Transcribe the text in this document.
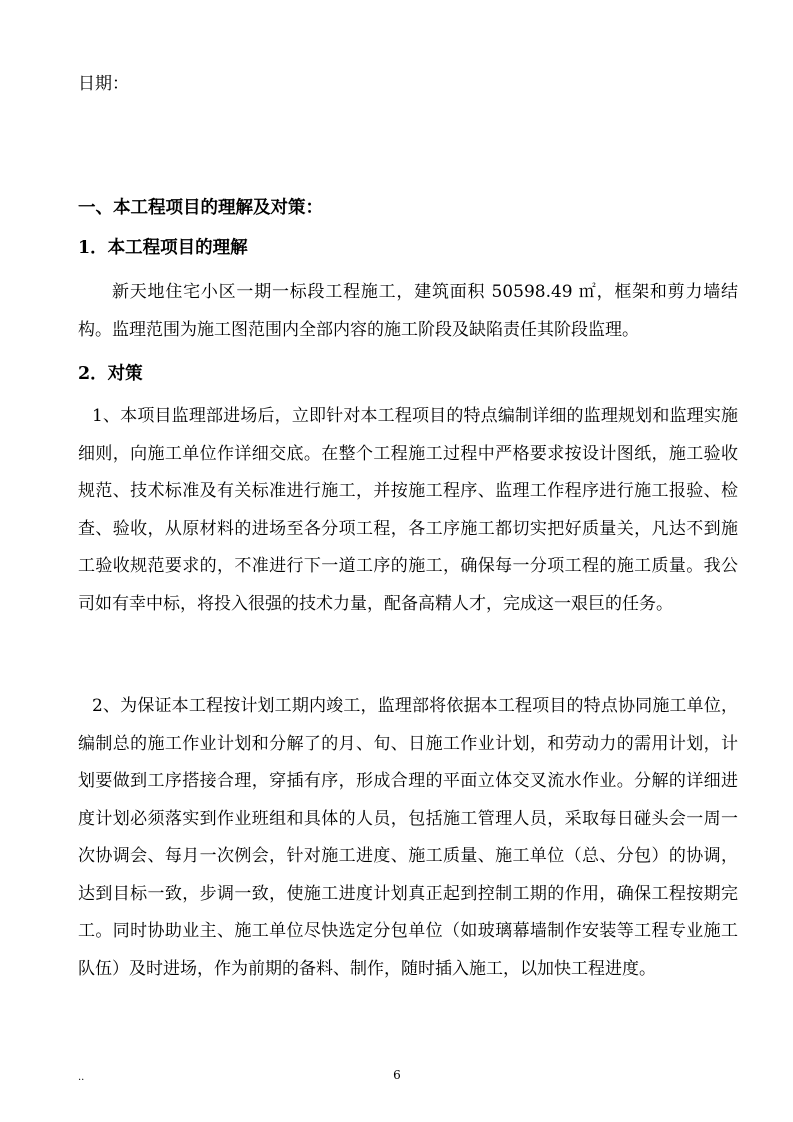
日期：
一、本工程项目的理解及对策：
1．本工程项目的理解
新天地住宅小区一期一标段工程施工，建筑面积 50598.49 ㎡，框架和剪力墙结构。监理范围为施工图范围内全部内容的施工阶段及缺陷责任其阶段监理。
2．对策
1、本项目监理部进场后，立即针对本工程项目的特点编制详细的监理规划和监理实施细则，向施工单位作详细交底。在整个工程施工过程中严格要求按设计图纸，施工验收规范、技术标准及有关标准进行施工，并按施工程序、监理工作程序进行施工报验、检查、验收，从原材料的进场至各分项工程，各工序施工都切实把好质量关，凡达不到施工验收规范要求的，不准进行下一道工序的施工，确保每一分项工程的施工质量。我公司如有幸中标，将投入很强的技术力量，配备高精人才，完成这一艰巨的任务。
2、为保证本工程按计划工期内竣工，监理部将依据本工程项目的特点协同施工单位，编制总的施工作业计划和分解了的月、旬、日施工作业计划，和劳动力的需用计划，计划要做到工序搭接合理，穿插有序，形成合理的平面立体交叉流水作业。分解的详细进度计划必须落实到作业班组和具体的人员，包括施工管理人员，采取每日碰头会一周一次协调会、每月一次例会，针对施工进度、施工质量、施工单位（总、分包）的协调，达到目标一致，步调一致，使施工进度计划真正起到控制工期的作用，确保工程按期完工。同时协助业主、施工单位尽快选定分包单位（如玻璃幕墙制作安装等工程专业施工队伍）及时进场，作为前期的备料、制作，随时插入施工，以加快工程进度。
..	6
